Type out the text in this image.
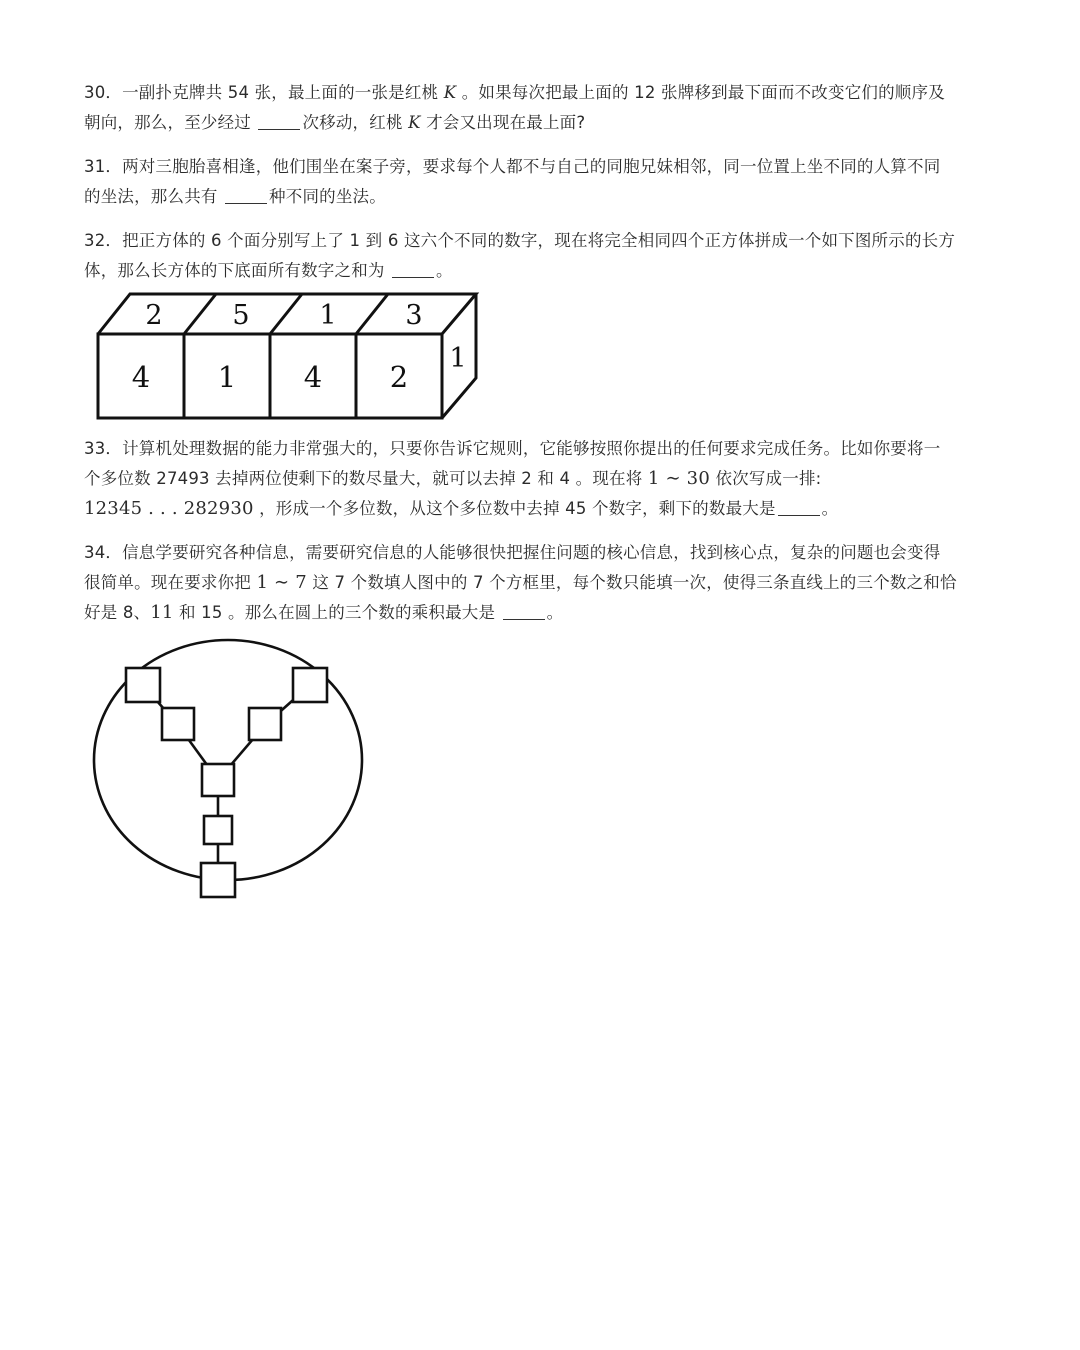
30．一副扑克牌共 54 张，最上面的一张是红桃 K 。如果每次把最上面的 12 张牌移到最下面而不改变它们的顺序及
朝向，那么，至少经过	次移动，红桃 K 才会又出现在最上面?
31．两对三胞胎喜相逢，他们围坐在案子旁，要求每个人都不与自己的同胞兄妹相邻，同一位置上坐不同的人算不同
的坐法，那么共有	种不同的坐法。
32．把正方体的 6 个面分别写上了 1 到 6 这六个不同的数字，现在将完全相同四个正方体拼成一个如下图所示的长方
体，那么长方体的下底面所有数字之和为	。
2	5	1	3
4 1 4 2
1
33．计算机处理数据的能力非常强大的，只要你告诉它规则，它能够按照你提出的任何要求完成任务。比如你要将一
个多位数 27493 去掉两位使剩下的数尽量大，就可以去掉 2 和 4 。现在将 1 ∼ 30 依次写成一排:
12345 . . . 282930 ，形成一个多位数，从这个多位数中去掉 45 个数字，剩下的数最大是	。
34．信息学要研究各种信息，需要研究信息的人能够很快把握住问题的核心信息，找到核心点，复杂的问题也会变得
很简单。现在要求你把 1 ∼ 7 这 7 个数填人图中的 7 个方框里，每个数只能填一次，使得三条直线上的三个数之和恰
好是 8、11 和 15 。那么在圆上的三个数的乘积最大是	。
